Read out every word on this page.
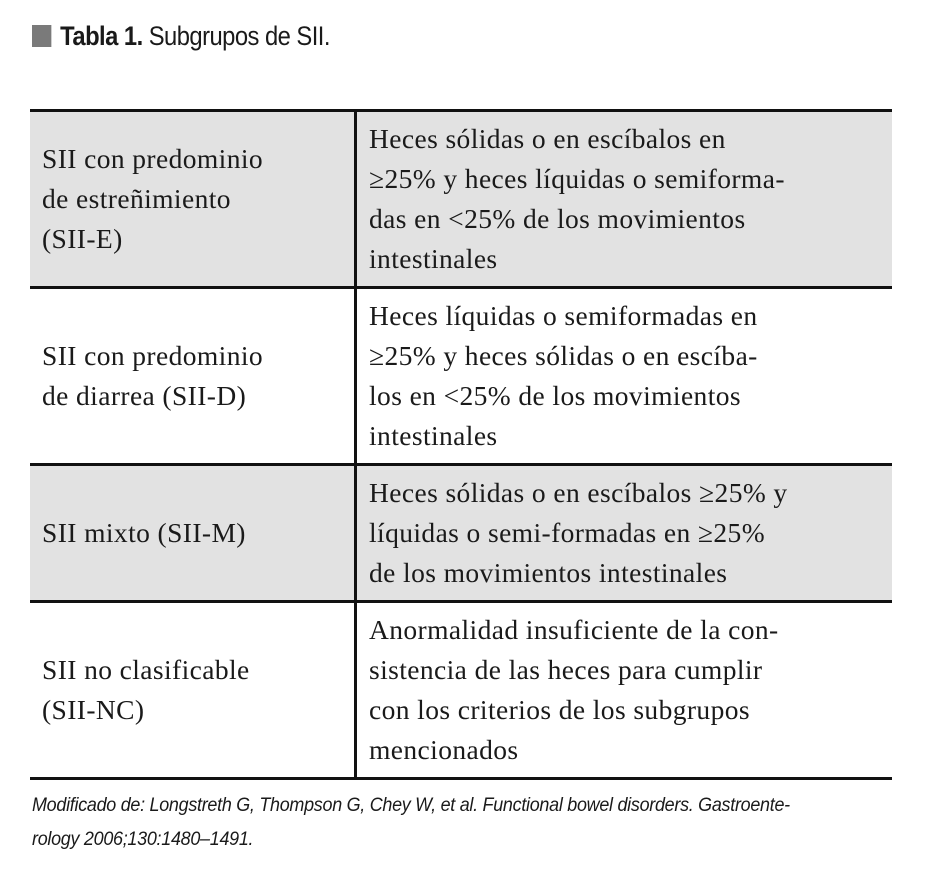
Tabla 1. Subgrupos de SII.
SII con predominio
de estreñimiento
(SII-E)	Heces sólidas o en escíbalos en
≥25% y heces líquidas o semiforma-
das en <25% de los movimientos
intestinales

SII con predominio
de diarrea (SII-D)	Heces líquidas o semiformadas en
≥25% y heces sólidas o en escíba-
los en <25% de los movimientos
intestinales

SII mixto (SII-M)	Heces sólidas o en escíbalos ≥25% y
líquidas o semi-formadas en ≥25%
de los movimientos intestinales

SII no clasificable
(SII-NC)	Anormalidad insuficiente de la con-
sistencia de las heces para cumplir
con los criterios de los subgrupos
mencionados
Modificado de: Longstreth G, Thompson G, Chey W, et al. Functional bowel disorders. Gastroente-
rology 2006;130:1480–1491.
